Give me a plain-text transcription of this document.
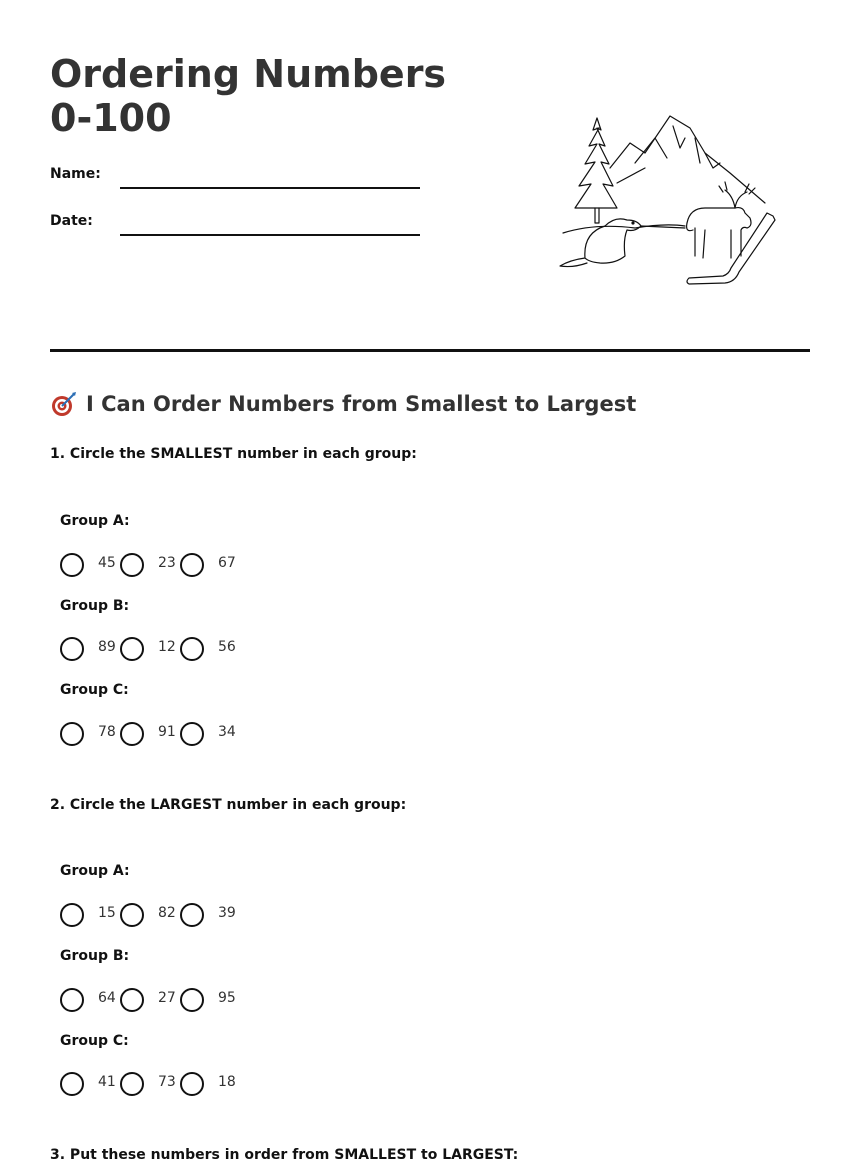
Ordering Numbers 0-100
Name:
Date:
I Can Order Numbers from Smallest to Largest

1. Circle the SMALLEST number in each group:

Group A:
45	23	67
Group B:
89	12	56
Group C:
78	91	34

2. Circle the LARGEST number in each group:

Group A:
15	82	39
Group B:
64	27	95
Group C:
41	73	18

3. Put these numbers in order from SMALLEST to LARGEST:
